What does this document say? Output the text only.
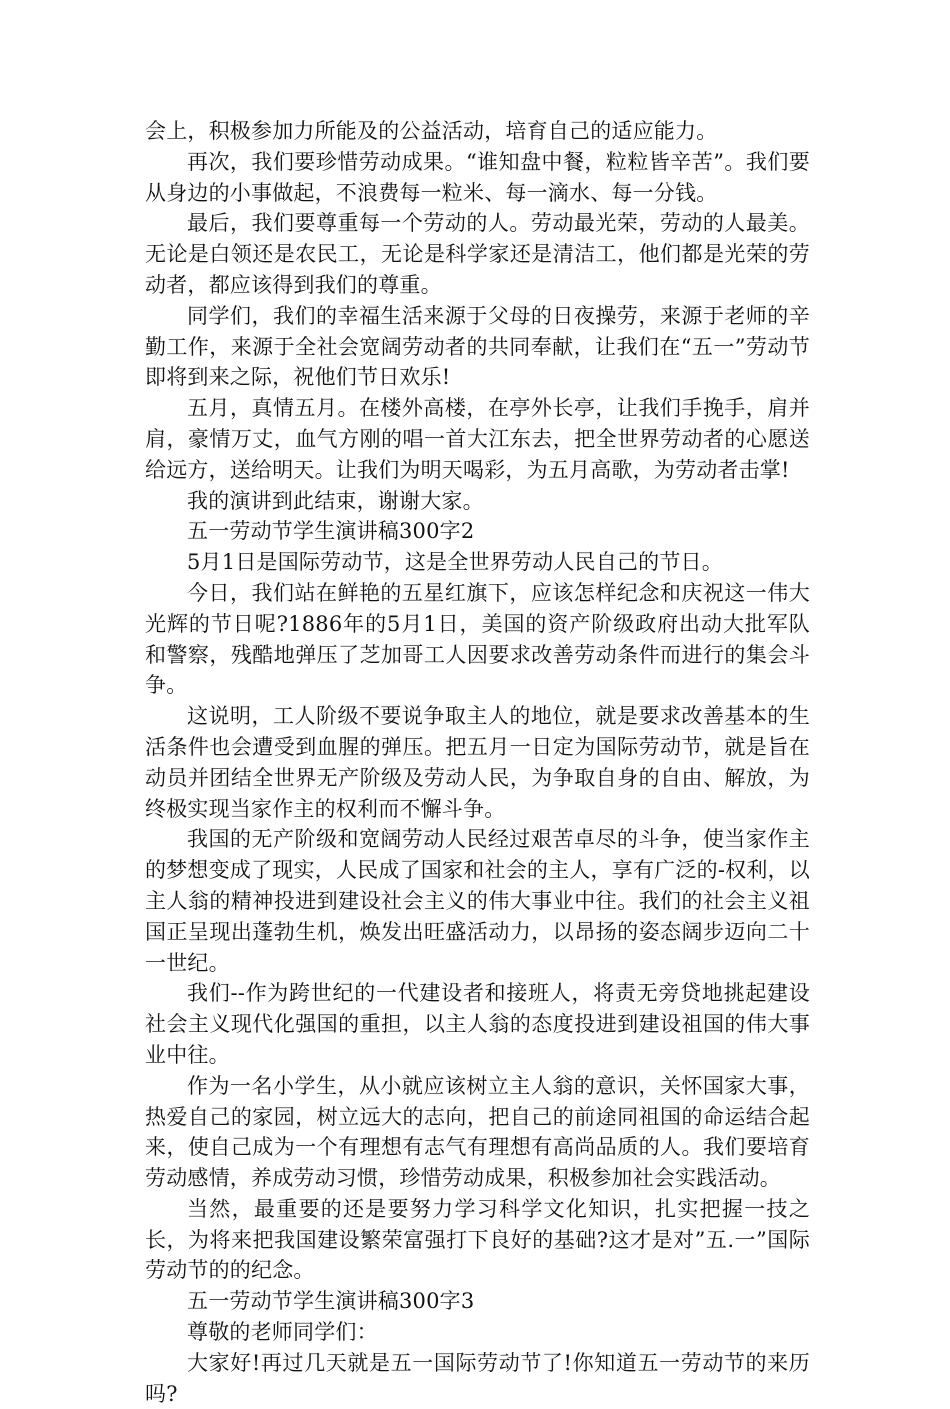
会上，积极参加力所能及的公益活动，培育自己的适应能力。

再次，我们要珍惜劳动成果。“谁知盘中餐，粒粒皆辛苦”。我们要从身边的小事做起，不浪费每一粒米、每一滴水、每一分钱。

最后，我们要尊重每一个劳动的人。劳动最光荣，劳动的人最美。无论是白领还是农民工，无论是科学家还是清洁工，他们都是光荣的劳动者，都应该得到我们的尊重。

同学们，我们的幸福生活来源于父母的日夜操劳，来源于老师的辛勤工作，来源于全社会宽阔劳动者的共同奉献，让我们在“五一”劳动节即将到来之际，祝他们节日欢乐!

五月，真情五月。在楼外高楼，在亭外长亭，让我们手挽手，肩并肩，豪情万丈，血气方刚的唱一首大江东去，把全世界劳动者的心愿送给远方，送给明天。让我们为明天喝彩，为五月高歌，为劳动者击掌!

我的演讲到此结束，谢谢大家。

五一劳动节学生演讲稿300字2

5月1日是国际劳动节，这是全世界劳动人民自己的节日。

今日，我们站在鲜艳的五星红旗下，应该怎样纪念和庆祝这一伟大光辉的节日呢?1886年的5月1日，美国的资产阶级政府出动大批军队和警察，残酷地弹压了芝加哥工人因要求改善劳动条件而进行的集会斗争。

这说明，工人阶级不要说争取主人的地位，就是要求改善基本的生活条件也会遭受到血腥的弹压。把五月一日定为国际劳动节，就是旨在动员并团结全世界无产阶级及劳动人民，为争取自身的自由、解放，为终极实现当家作主的权利而不懈斗争。

我国的无产阶级和宽阔劳动人民经过艰苦卓尽的斗争，使当家作主的梦想变成了现实，人民成了国家和社会的主人，享有广泛的-权利，以主人翁的精神投进到建设社会主义的伟大事业中往。我们的社会主义祖国正呈现出蓬勃生机，焕发出旺盛活动力，以昂扬的姿态阔步迈向二十一世纪。

我们--作为跨世纪的一代建设者和接班人，将责无旁贷地挑起建设社会主义现代化强国的重担，以主人翁的态度投进到建设祖国的伟大事业中往。

作为一名小学生，从小就应该树立主人翁的意识，关怀国家大事，热爱自己的家园，树立远大的志向，把自己的前途同祖国的命运结合起来，使自己成为一个有理想有志气有理想有高尚品质的人。我们要培育劳动感情，养成劳动习惯，珍惜劳动成果，积极参加社会实践活动。

当然，最重要的还是要努力学习科学文化知识，扎实把握一技之长，为将来把我国建设繁荣富强打下良好的基础?这才是对”五.一”国际劳动节的的纪念。

五一劳动节学生演讲稿300字3

尊敬的老师同学们：

大家好!再过几天就是五一国际劳动节了!你知道五一劳动节的来历吗?
